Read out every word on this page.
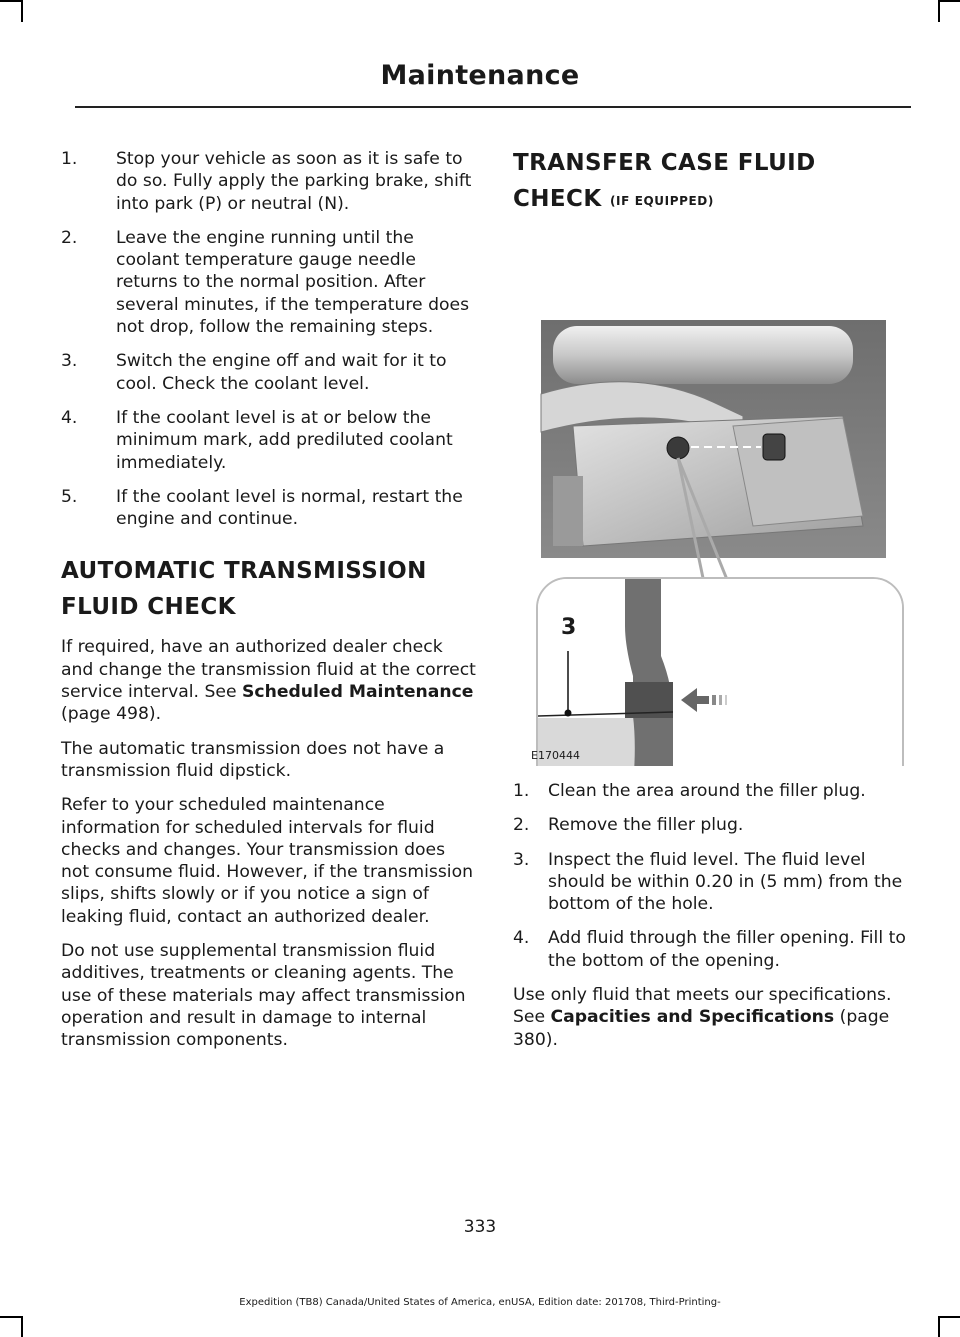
Maintenance
1.	Stop your vehicle as soon as it is safe to do so. Fully apply the parking brake, shift into park (P) or neutral (N).
2.	Leave the engine running until the coolant temperature gauge needle returns to the normal position. After several minutes, if the temperature does not drop, follow the remaining steps.
3.	Switch the engine off and wait for it to cool. Check the coolant level.
4.	If the coolant level is at or below the minimum mark, add prediluted coolant immediately.
5.	If the coolant level is normal, restart the engine and continue.
AUTOMATIC TRANSMISSION
FLUID CHECK

If required, have an authorized dealer check and change the transmission fluid at the correct service interval. See Scheduled Maintenance (page 498).

The automatic transmission does not have a transmission fluid dipstick.

Refer to your scheduled maintenance information for scheduled intervals for fluid checks and changes. Your transmission does not consume fluid. However, if the transmission slips, shifts slowly or if you notice a sign of leaking fluid, contact an authorized dealer.

Do not use supplemental transmission fluid additives, treatments or cleaning agents. The use of these materials may affect transmission operation and result in damage to internal transmission components.

TRANSFER CASE FLUID
CHECK (IF EQUIPPED)
3
E170444
1.	Clean the area around the filler plug.
2.	Remove the filler plug.
3.	Inspect the fluid level. The fluid level should be within 0.20 in (5 mm) from the bottom of the hole.
4.	Add fluid through the filler opening. Fill to the bottom of the opening.

Use only fluid that meets our specifications. See Capacities and Specifications (page 380).

333
Expedition (TB8) Canada/United States of America, enUSA, Edition date: 201708, Third-Printing-
